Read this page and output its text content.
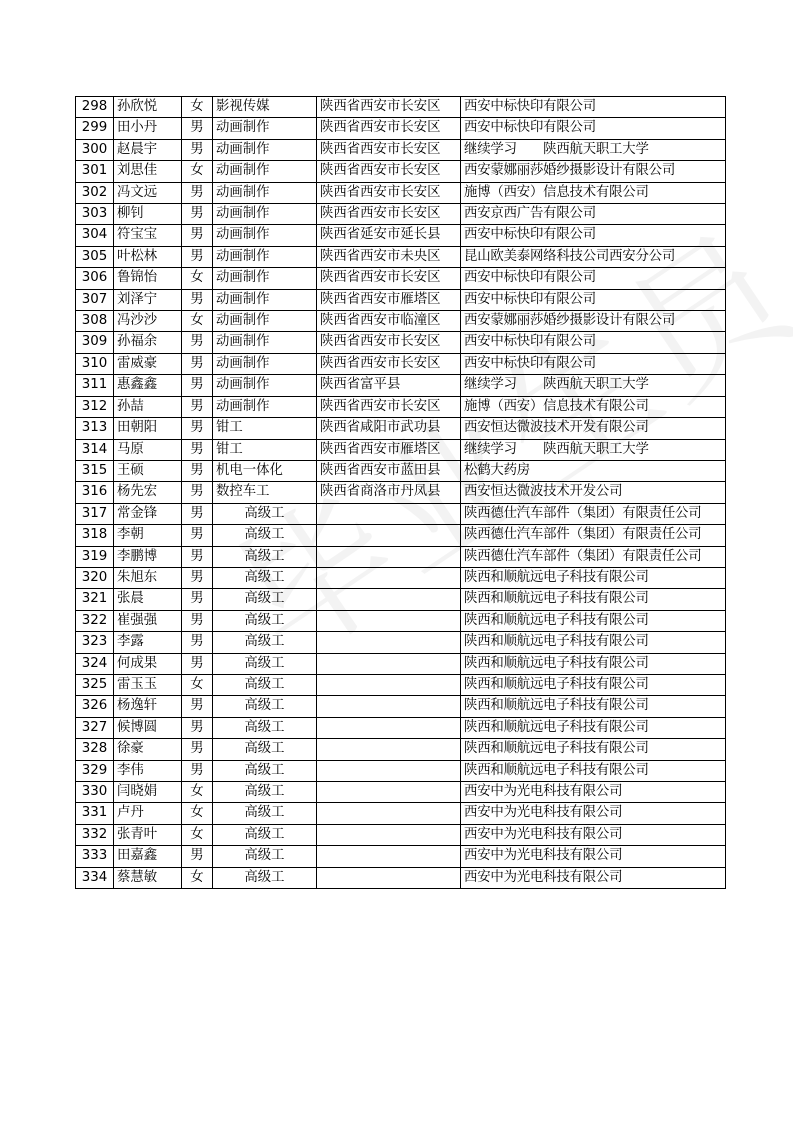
298	孙欣悦	女	影视传媒	陕西省西安市长安区	西安中标快印有限公司
299	田小丹	男	动画制作	陕西省西安市长安区	西安中标快印有限公司
300	赵晨宇	男	动画制作	陕西省西安市长安区	继续学习　　陕西航天职工大学
301	刘思佳	女	动画制作	陕西省西安市长安区	西安蒙娜丽莎婚纱摄影设计有限公司
302	冯文远	男	动画制作	陕西省西安市长安区	施博（西安）信息技术有限公司
303	柳钊	男	动画制作	陕西省西安市长安区	西安京西广告有限公司
304	符宝宝	男	动画制作	陕西省延安市延长县	西安中标快印有限公司
305	叶松林	男	动画制作	陕西省西安市未央区	昆山欧美泰网络科技公司西安分公司
306	鲁锦怡	女	动画制作	陕西省西安市长安区	西安中标快印有限公司
307	刘泽宁	男	动画制作	陕西省西安市雁塔区	西安中标快印有限公司
308	冯沙沙	女	动画制作	陕西省西安市临潼区	西安蒙娜丽莎婚纱摄影设计有限公司
309	孙福余	男	动画制作	陕西省西安市长安区	西安中标快印有限公司
310	雷威豪	男	动画制作	陕西省西安市长安区	西安中标快印有限公司
311	惠鑫鑫	男	动画制作	陕西省富平县	继续学习　　陕西航天职工大学
312	孙喆	男	动画制作	陕西省西安市长安区	施博（西安）信息技术有限公司
313	田朝阳	男	钳工	陕西省咸阳市武功县	西安恒达微波技术开发有限公司
314	马原	男	钳工	陕西省西安市雁塔区	继续学习　　陕西航天职工大学
315	王硕	男	机电一体化	陕西省西安市蓝田县	松鹤大药房
316	杨先宏	男	数控车工	陕西省商洛市丹凤县	西安恒达微波技术开发公司
317	常金锋	男	高级工		陕西德仕汽车部件（集团）有限责任公司
318	李朝	男	高级工		陕西德仕汽车部件（集团）有限责任公司
319	李鹏博	男	高级工		陕西德仕汽车部件（集团）有限责任公司
320	朱旭东	男	高级工		陕西和顺航远电子科技有限公司
321	张晨	男	高级工		陕西和顺航远电子科技有限公司
322	崔强强	男	高级工		陕西和顺航远电子科技有限公司
323	李露	男	高级工		陕西和顺航远电子科技有限公司
324	何成果	男	高级工		陕西和顺航远电子科技有限公司
325	雷玉玉	女	高级工		陕西和顺航远电子科技有限公司
326	杨逸轩	男	高级工		陕西和顺航远电子科技有限公司
327	候博圆	男	高级工		陕西和顺航远电子科技有限公司
328	徐豪	男	高级工		陕西和顺航远电子科技有限公司
329	李伟	男	高级工		陕西和顺航远电子科技有限公司
330	闫晓娟	女	高级工		西安中为光电科技有限公司
331	卢丹	女	高级工		西安中为光电科技有限公司
332	张青叶	女	高级工		西安中为光电科技有限公司
333	田嘉鑫	男	高级工		西安中为光电科技有限公司
334	蔡慧敏	女	高级工		西安中为光电科技有限公司
